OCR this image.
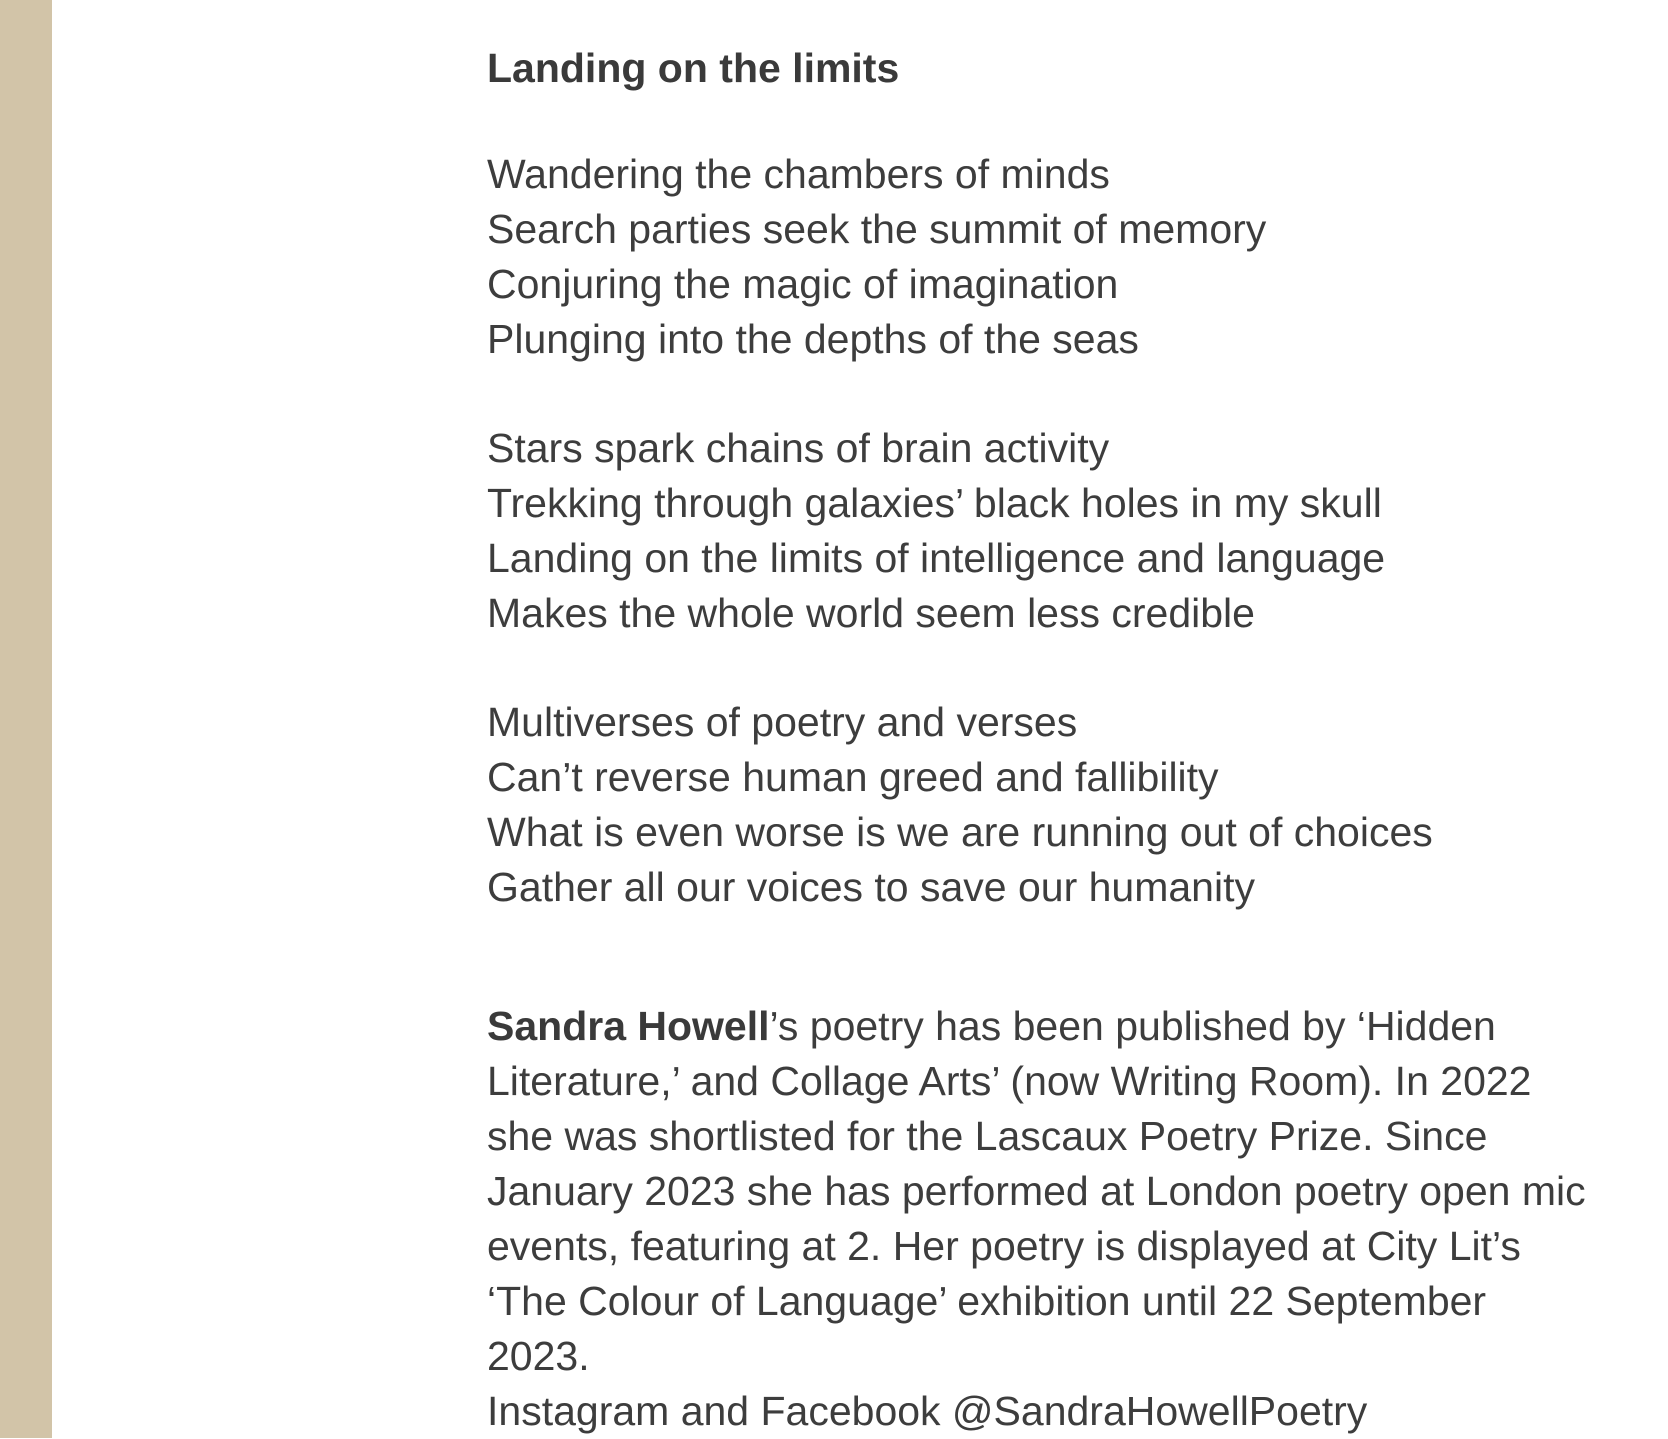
Landing on the limits
Wandering the chambers of minds
Search parties seek the summit of memory
Conjuring the magic of imagination
Plunging into the depths of the seas
Stars spark chains of brain activity
Trekking through galaxies’ black holes in my skull
Landing on the limits of intelligence and language
Makes the whole world seem less credible
Multiverses of poetry and verses
Can’t reverse human greed and fallibility
What is even worse is we are running out of choices
Gather all our voices to save our humanity
Sandra Howell’s poetry has been published by ‘Hidden
Literature,’ and Collage Arts’ (now Writing Room). In 2022
she was shortlisted for the Lascaux Poetry Prize. Since
January 2023 she has performed at London poetry open mic
events, featuring at 2. Her poetry is displayed at City Lit’s
‘The Colour of Language’ exhibition until 22 September
2023.
Instagram and Facebook @SandraHowellPoetry
